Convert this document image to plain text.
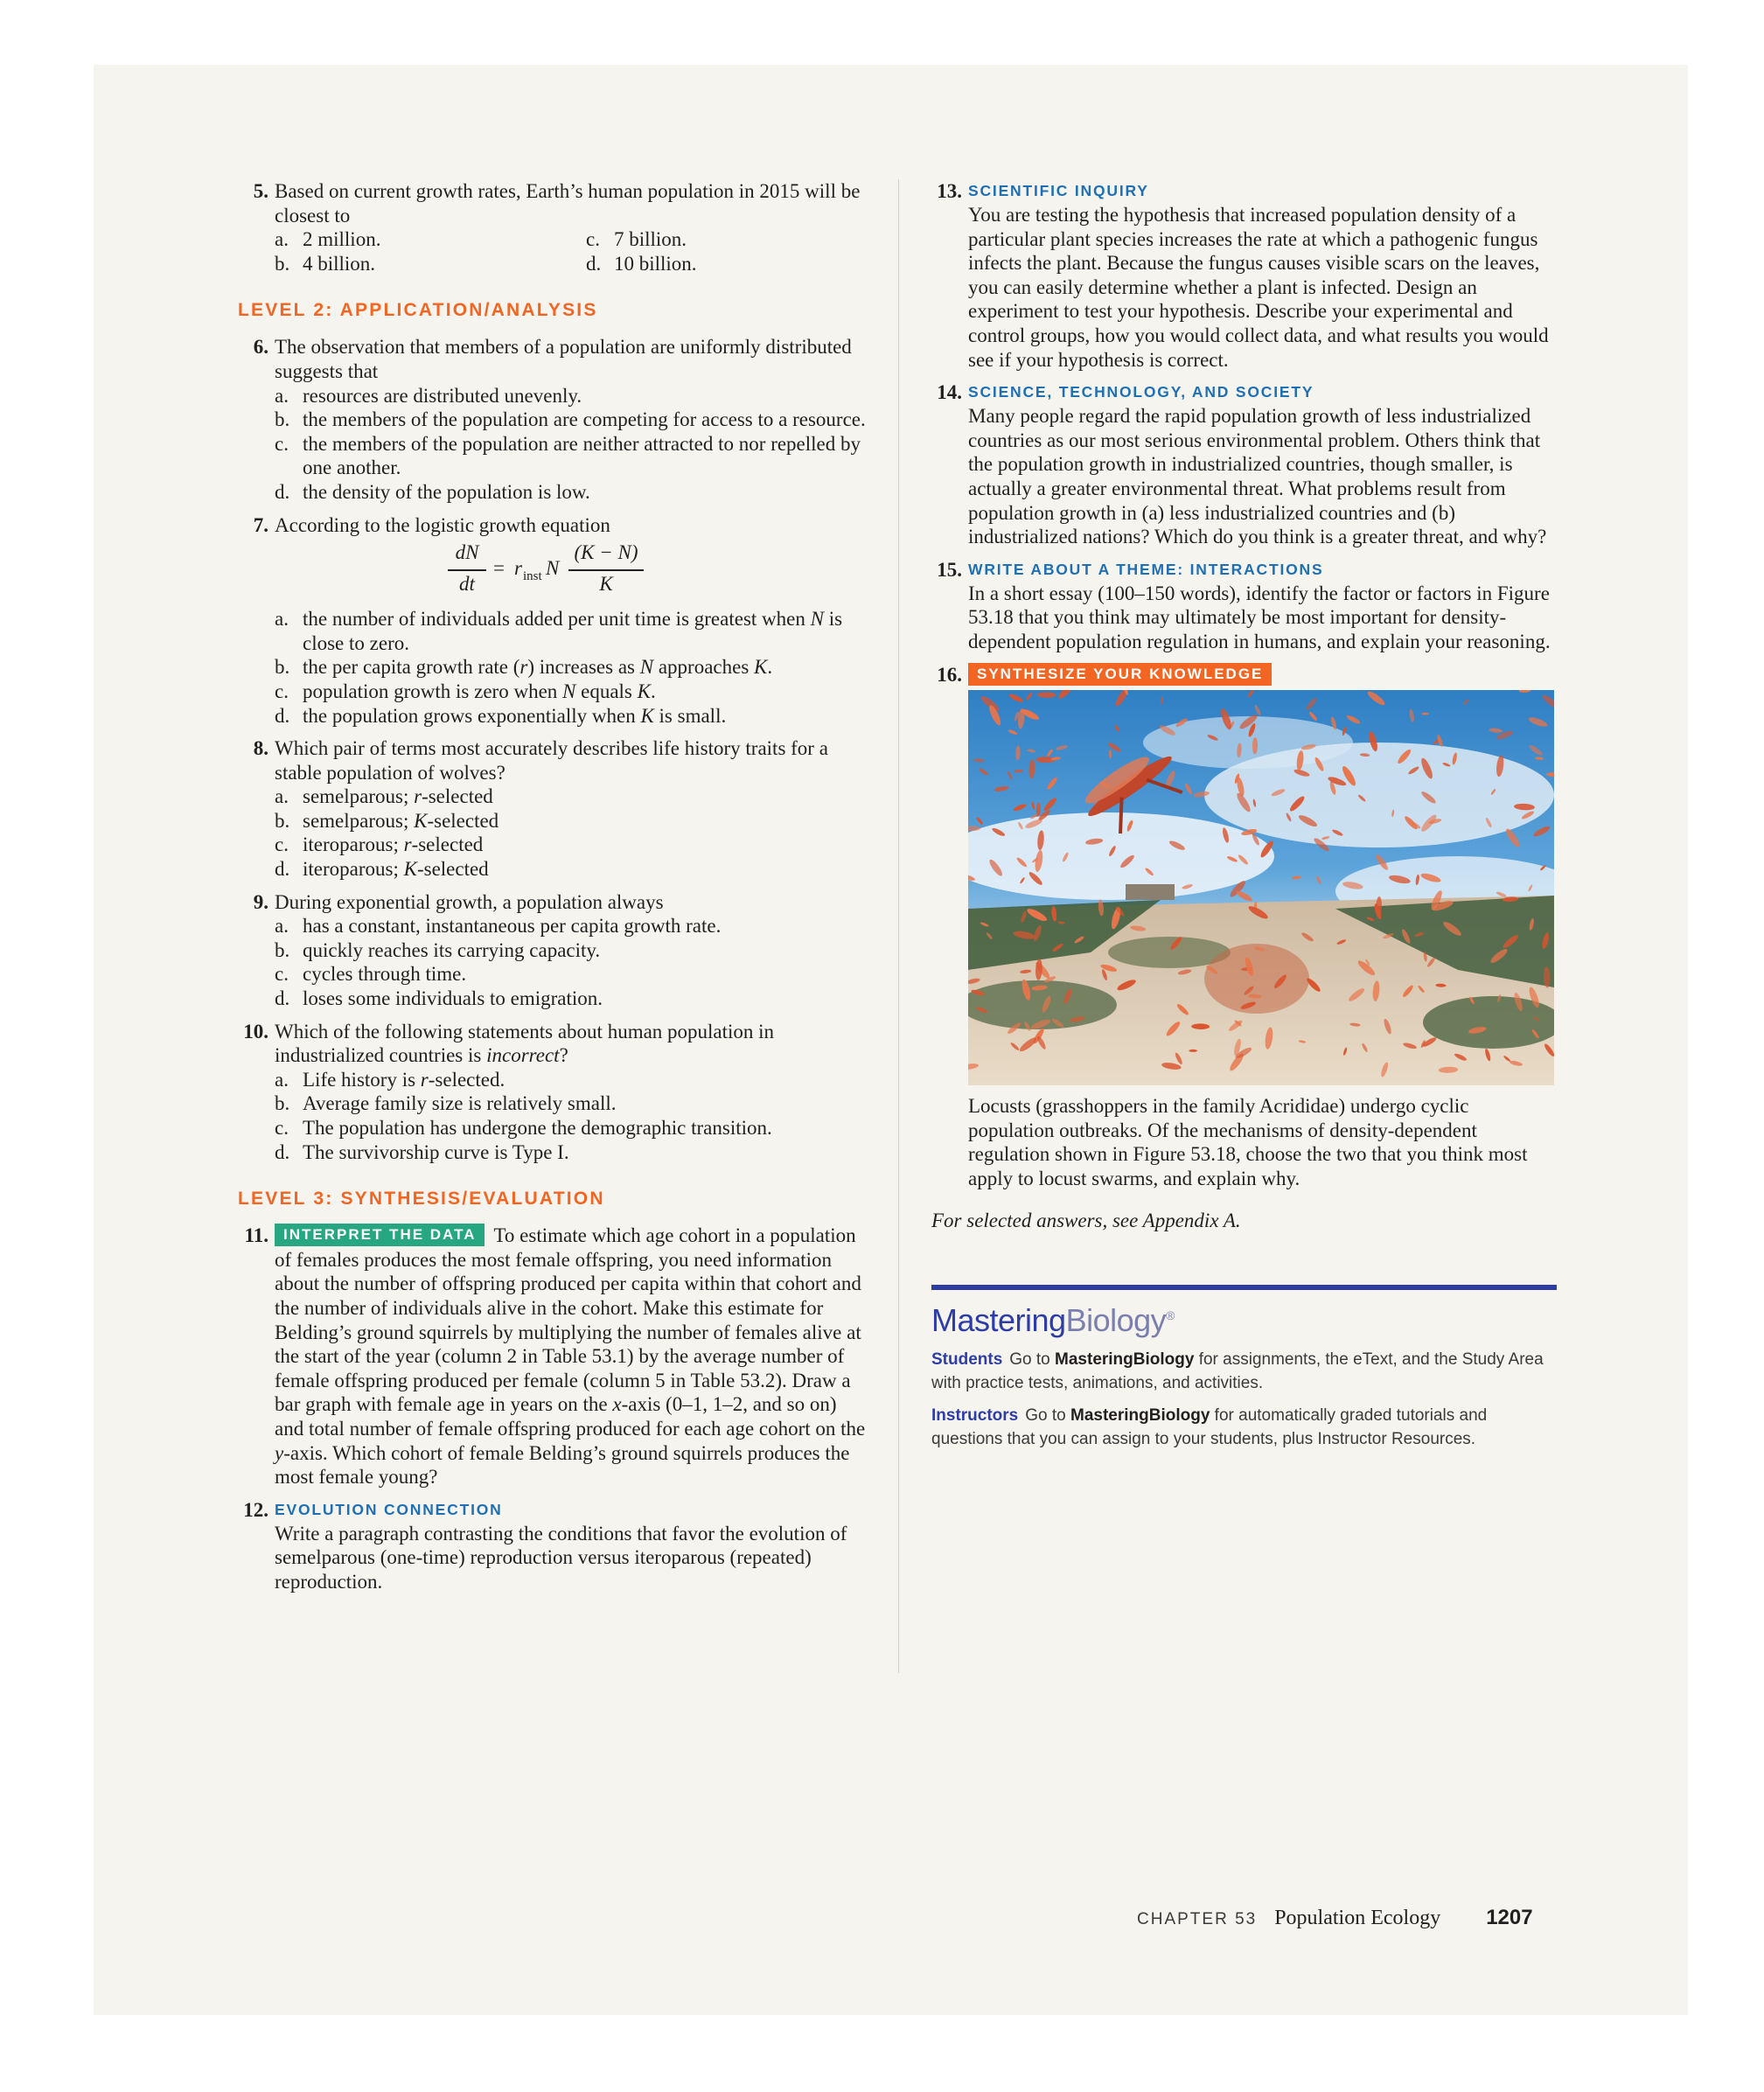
5. Based on current growth rates, Earth’s human population in 2015 will be closest to
a. 2 million.	c. 7 billion.
b. 4 billion.	d. 10 billion.
LEVEL 2: APPLICATION/ANALYSIS
6. The observation that members of a population are uniformly distributed suggests that
a. resources are distributed unevenly.
b. the members of the population are competing for access to a resource.
c. the members of the population are neither attracted to nor repelled by one another.
d. the density of the population is low.
7. According to the logistic growth equation
dN
dt
= r inst N
(K − N)
K
a. the number of individuals added per unit time is greatest when N is close to zero.
b. the per capita growth rate (r) increases as N approaches K.
c. population growth is zero when N equals K.
d. the population grows exponentially when K is small.
8. Which pair of terms most accurately describes life history traits for a stable population of wolves?
a. semelparous; r-selected
b. semelparous; K-selected
c. iteroparous; r-selected
d. iteroparous; K-selected
9. During exponential growth, a population always
a. has a constant, instantaneous per capita growth rate.
b. quickly reaches its carrying capacity.
c. cycles through time.
d. loses some individuals to emigration.
10. Which of the following statements about human population in industrialized countries is incorrect?
a. Life history is r-selected.
b. Average family size is relatively small.
c. The population has undergone the demographic transition.
d. The survivorship curve is Type I.
LEVEL 3: SYNTHESIS/EVALUATION
11.	INTERPRET THE DATA To estimate which age cohort in a population of females produces the most female offspring, you need information about the number of offspring produced per capita within that cohort and the number of individuals alive in the cohort. Make this estimate for Belding’s ground squirrels by multiplying the number of females alive at the start of the year (column 2 in Table 53.1) by the average number of female offspring produced per female (column 5 in Table 53.2). Draw a bar graph with female age in years on the x-axis (0–1, 1–2, and so on) and total number of female offspring produced for each age cohort on the y-axis. Which cohort of female Belding’s ground squirrels produces the most female young?
12. EVOLUTION CONNECTION
Write a paragraph contrasting the conditions that favor the evolution of semelparous (one-time) reproduction versus iteroparous (repeated) reproduction.
13. SCIENTIFIC INQUIRY
You are testing the hypothesis that increased population density of a particular plant species increases the rate at which a pathogenic fungus infects the plant. Because the fungus causes visible scars on the leaves, you can easily determine whether a plant is infected. Design an experiment to test your hypothesis. Describe your experimental and control groups, how you would collect data, and what results you would see if your hypothesis is correct.
14. SCIENCE, TECHNOLOGY, AND SOCIETY
Many people regard the rapid population growth of less industrialized countries as our most serious environmental problem. Others think that the population growth in industrialized countries, though smaller, is actually a greater environmental threat. What problems result from population growth in (a) less industrialized countries and (b) industrialized nations? Which do you think is a greater threat, and why?
15. WRITE ABOUT A THEME: INTERACTIONS
In a short essay (100–150 words), identify the factor or factors in Figure 53.18 that you think may ultimately be most important for density-dependent population regulation in humans, and explain your reasoning.
16.	SYNTHESIZE YOUR KNOWLEDGE
Locusts (grasshoppers in the family Acrididae) undergo cyclic population outbreaks. Of the mechanisms of density-dependent regulation shown in Figure 53.18, choose the two that you think most apply to locust swarms, and explain why.
For selected answers, see Appendix A.
MasteringBiology®
Students Go to MasteringBiology for assignments, the eText, and the Study Area with practice tests, animations, and activities.
Instructors Go to MasteringBiology for automatically graded tutorials and questions that you can assign to your students, plus Instructor Resources.
CHAPTER 53 Population Ecology 1207
